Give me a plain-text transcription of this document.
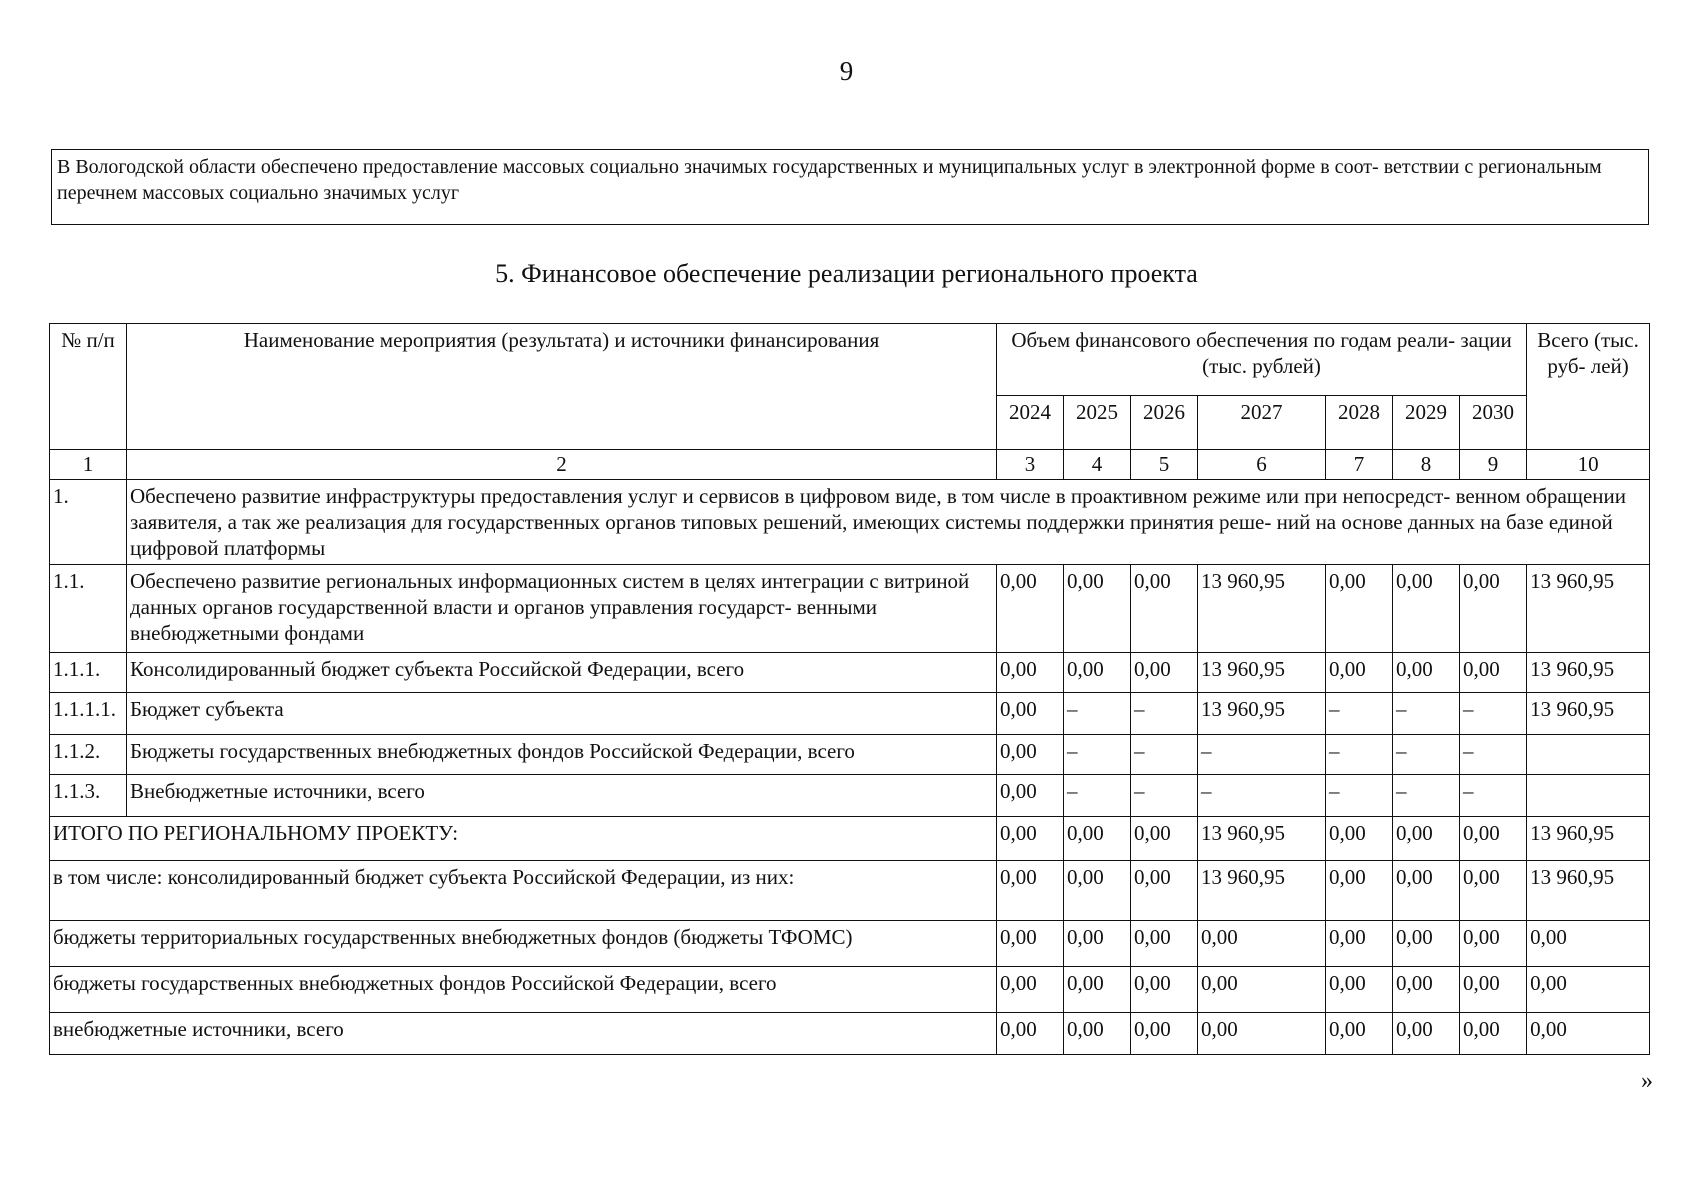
9
В Вологодской области обеспечено предоставление массовых социально значимых государственных и муниципальных услуг в электронной форме в соот- ветствии с региональным перечнем массовых социально значимых услуг
5. Финансовое обеспечение реализации регионального проекта
№ п/п	Наименование мероприятия (результата) и источники финансирования	Объем финансового обеспечения по годам реали- зации (тыс. рублей)							Всего (тыс. руб- лей)
		2024	2025	2026	2027	2028	2029	2030	
1	2	3	4	5	6	7	8	9	10
1.	Обеспечено развитие инфраструктуры предоставления услуг и сервисов в цифровом виде, в том числе в проактивном режиме или при непосредст- венном обращении заявителя, а так же реализация для государственных органов типовых решений, имеющих системы поддержки принятия реше- ний на основе данных на базе единой цифровой платформы								
1.1.	Обеспечено развитие региональных информационных систем в целях интеграции с витриной данных органов государственной власти и органов управления государст- венными внебюджетными фондами	0,00	0,00	0,00	13 960,95	0,00	0,00	0,00	13 960,95
1.1.1.	Консолидированный бюджет субъекта Российской Федерации, всего	0,00	0,00	0,00	13 960,95	0,00	0,00	0,00	13 960,95
1.1.1.1.	Бюджет субъекта	0,00	–	–	13 960,95	–	–	–	13 960,95
1.1.2.	Бюджеты государственных внебюджетных фондов Российской Федерации, всего	0,00	–	–	–	–	–	–	
1.1.3.	Внебюджетные источники, всего	0,00	–	–	–	–	–	–	
ИТОГО ПО РЕГИОНАЛЬНОМУ ПРОЕКТУ:		0,00	0,00	0,00	13 960,95	0,00	0,00	0,00	13 960,95
в том числе: консолидированный бюджет субъекта Российской Федерации, из них:		0,00	0,00	0,00	13 960,95	0,00	0,00	0,00	13 960,95
бюджеты территориальных государственных внебюджетных фондов (бюджеты ТФОМС)		0,00	0,00	0,00	0,00	0,00	0,00	0,00	0,00
бюджеты государственных внебюджетных фондов Российской Федерации, всего		0,00	0,00	0,00	0,00	0,00	0,00	0,00	0,00
внебюджетные источники, всего		0,00	0,00	0,00	0,00	0,00	0,00	0,00	0,00
»
